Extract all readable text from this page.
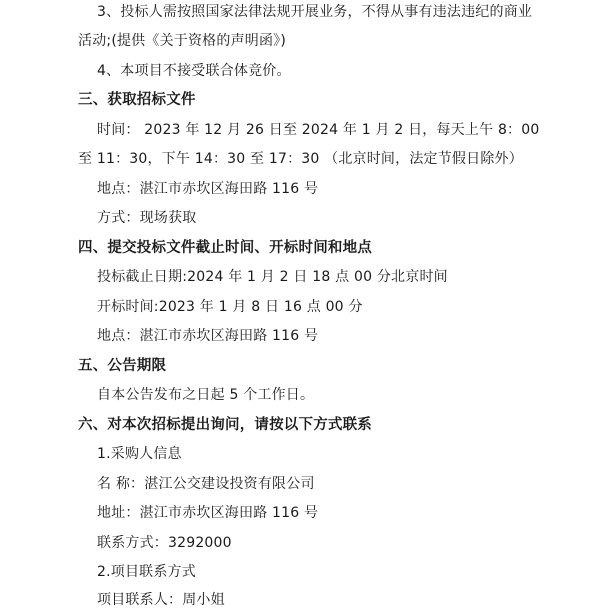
3、投标人需按照国家法律法规开展业务，不得从事有违法违纪的商业
活动;(提供《关于资格的声明函》)
4、本项目不接受联合体竞价。
三、获取招标文件
时间： 2023 年 12 月 26 日至 2024 年 1 月 2 日，每天上午 8：00
至 11：30，下午 14：30 至 17：30 （北京时间，法定节假日除外）
地点：湛江市赤坎区海田路 116 号
方式：现场获取
四、提交投标文件截止时间、开标时间和地点
投标截止日期:2024 年 1 月 2 日 18 点 00 分北京时间
开标时间:2023 年 1 月 8 日 16 点 00 分
地点：湛江市赤坎区海田路 116 号
五、公告期限
自本公告发布之日起 5 个工作日。
六、对本次招标提出询问，请按以下方式联系
1.采购人信息
名 称：湛江公交建设投资有限公司
地址：湛江市赤坎区海田路 116 号
联系方式：3292000
2.项目联系方式
项目联系人：周小姐
